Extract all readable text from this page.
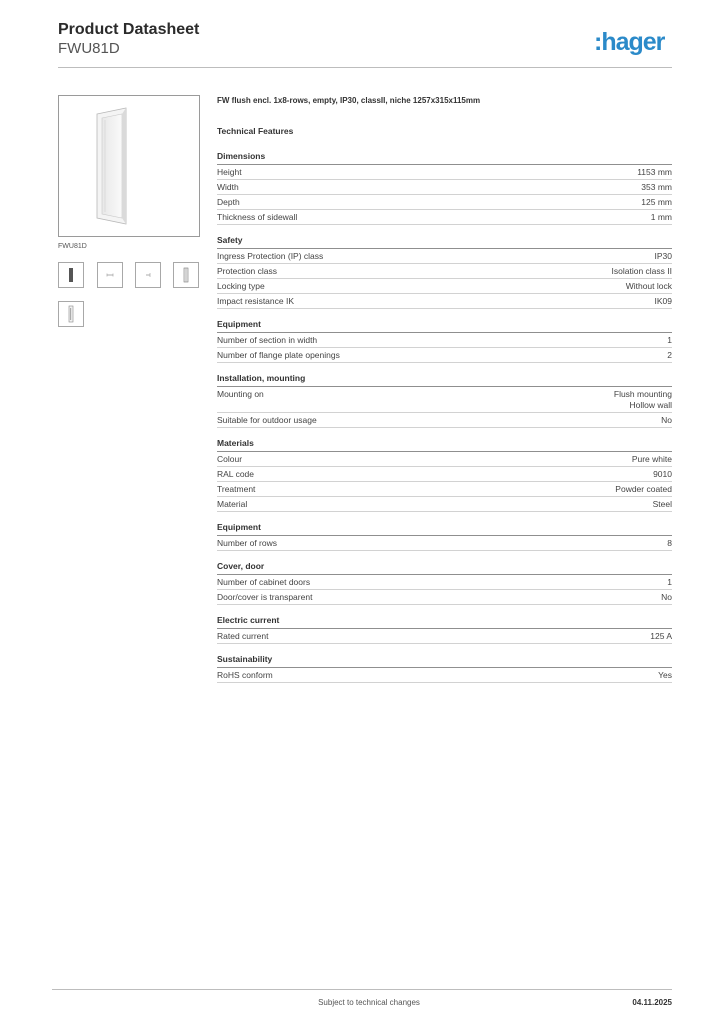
Product Datasheet
FWU81D	:hager
FWU81D
FW flush encl. 1x8-rows, empty, IP30, classII, niche 1257x315x115mm
Technical Features
Dimensions
Height	1153 mm
Width	353 mm
Depth	125 mm
Thickness of sidewall	1 mm
Safety
Ingress Protection (IP) class	IP30
Protection class	Isolation class II
Locking type	Without lock
Impact resistance IK	IK09
Equipment
Number of section in width	1
Number of flange plate openings	2
Installation, mounting
Mounting on	Flush mounting
Hollow wall
Suitable for outdoor usage	No
Materials
Colour	Pure white
RAL code	9010
Treatment	Powder coated
Material	Steel
Equipment
Number of rows	8
Cover, door
Number of cabinet doors	1
Door/cover is transparent	No
Electric current
Rated current	125 A
Sustainability
RoHS conform	Yes
Subject to technical changes	04.11.2025
